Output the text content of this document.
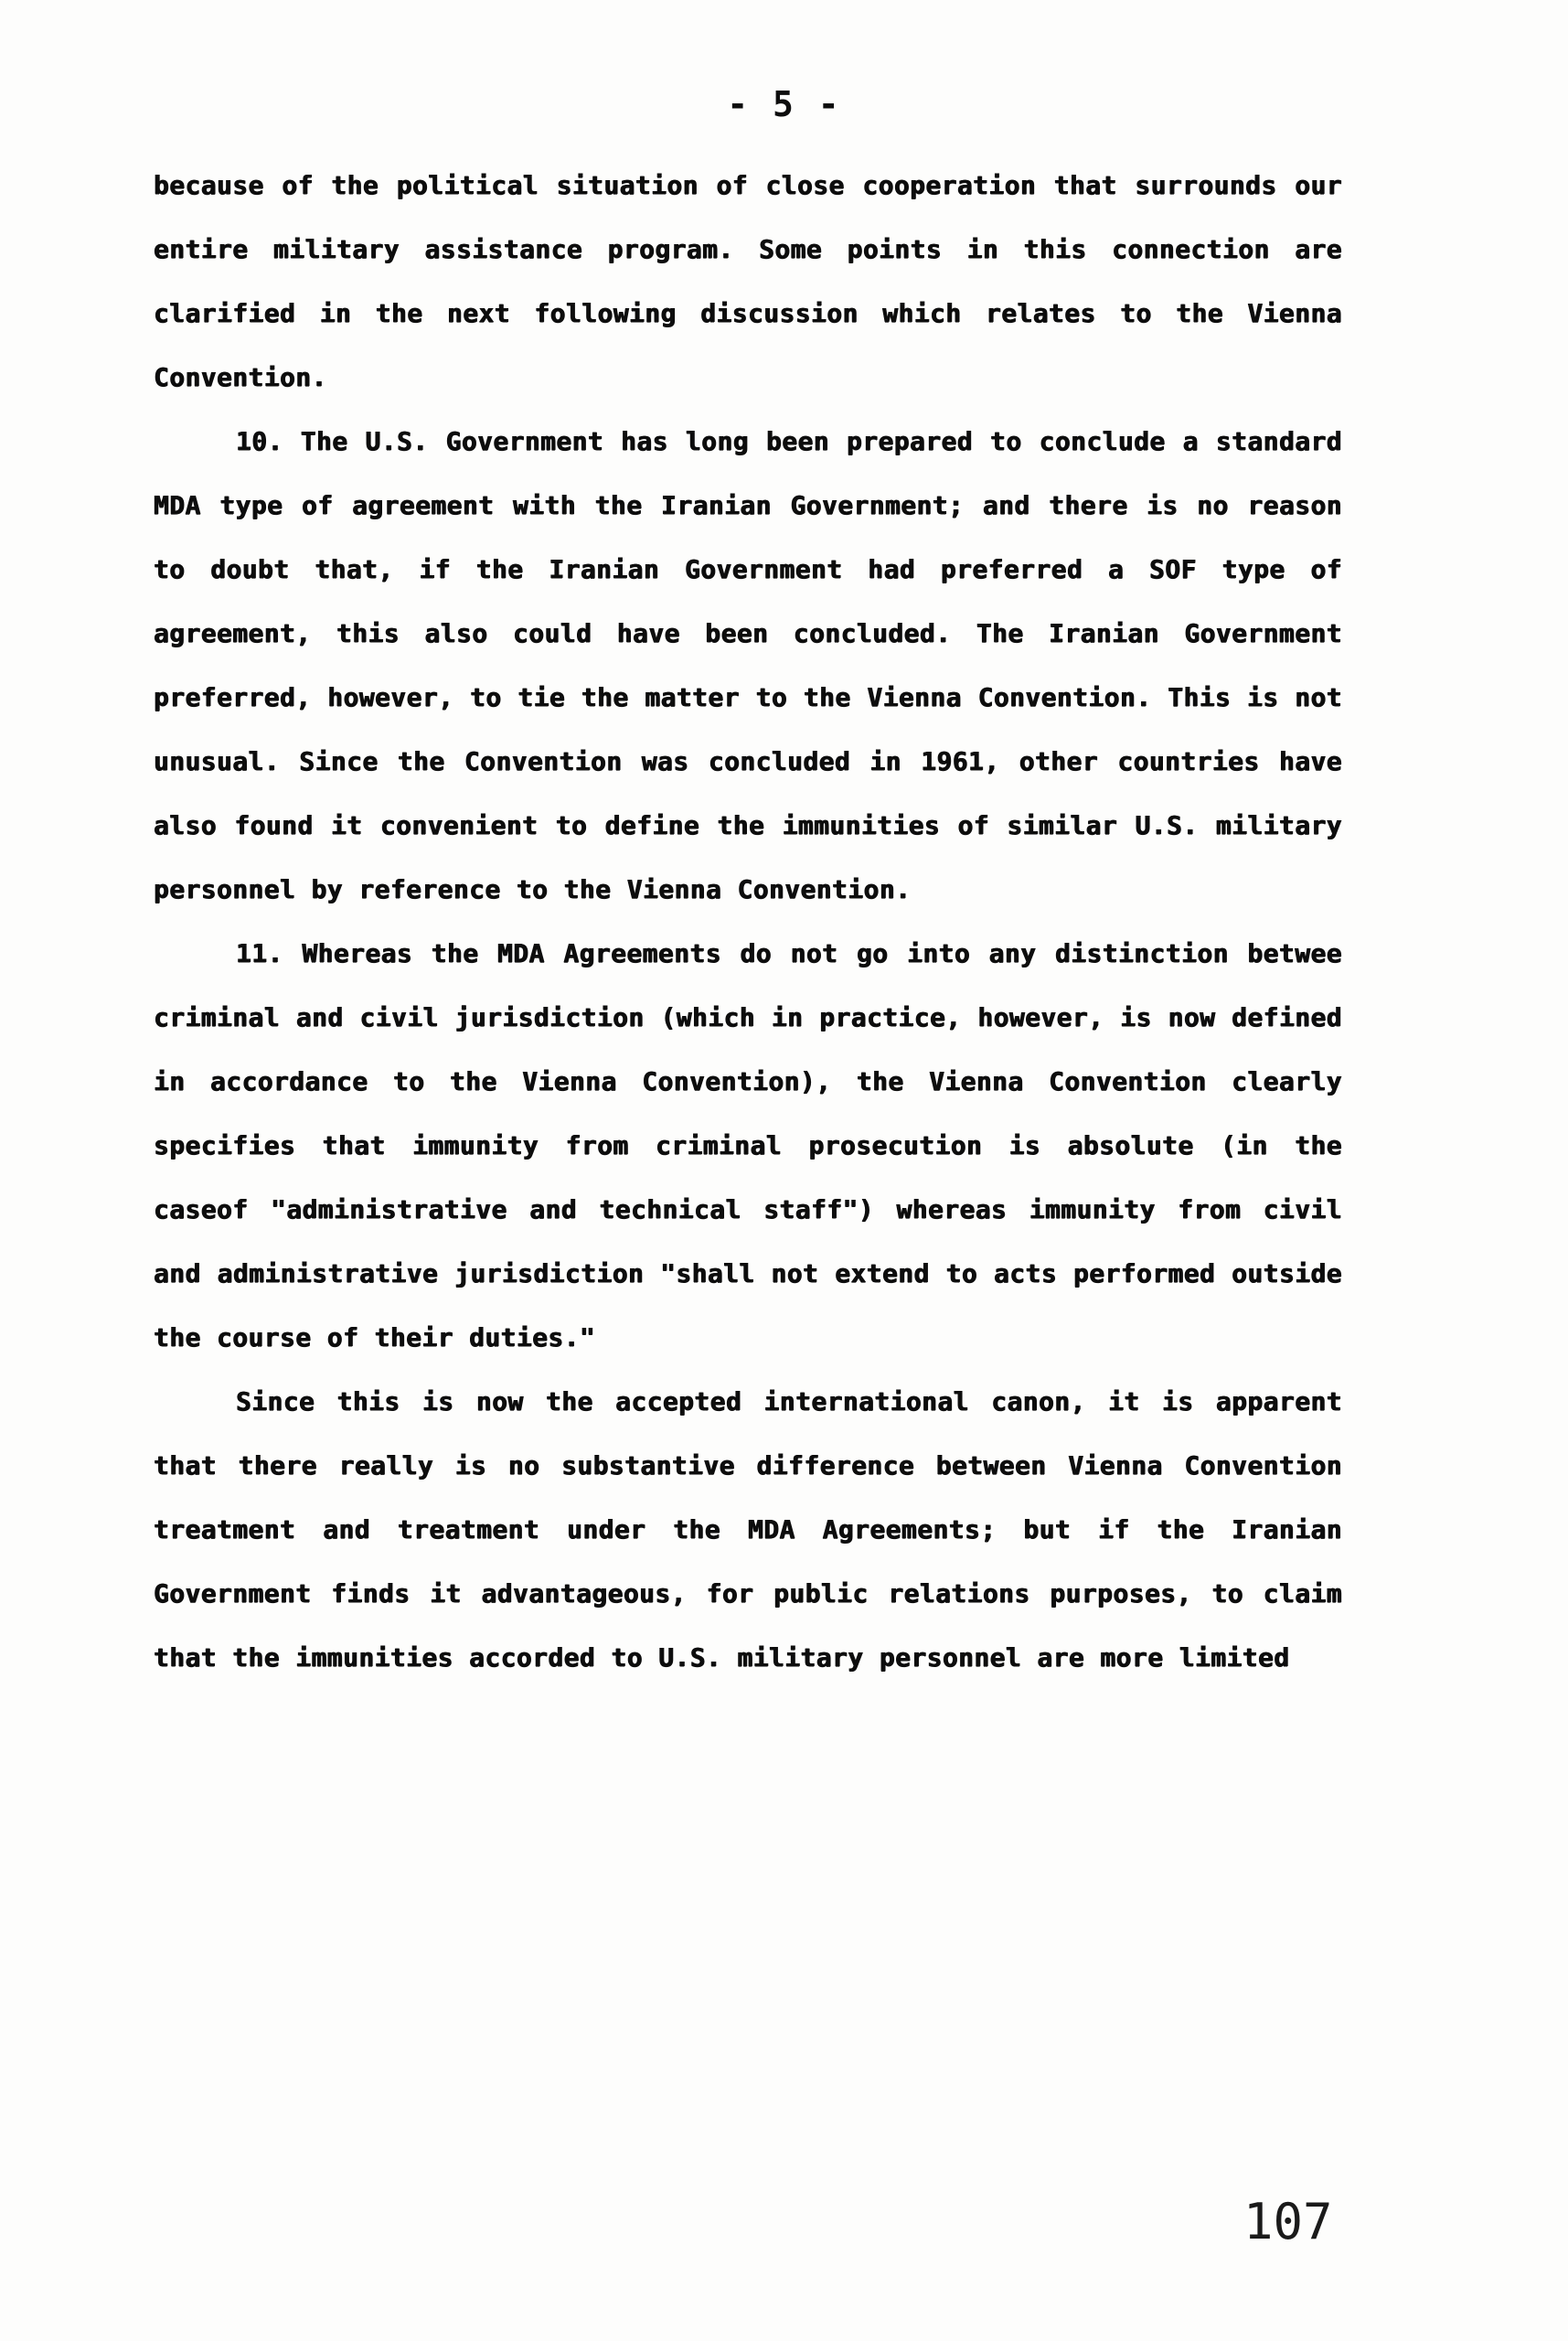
- 5 -

because of the political situation of close cooperation that surrounds our entire military assistance program. Some points in this connection are clarified in the next following discussion which relates to the Vienna Convention.

10. The U.S. Government has long been prepared to conclude a standard MDA type of agreement with the Iranian Government; and there is no reason to doubt that, if the Iranian Government had preferred a SOF type of agreement, this also could have been concluded. The Iranian Government preferred, however, to tie the matter to the Vienna Convention. This is not unusual. Since the Convention was concluded in 1961, other countries have also found it convenient to define the immunities of similar U.S. military personnel by reference to the Vienna Convention.

11. Whereas the MDA Agreements do not go into any distinction betwee criminal and civil jurisdiction (which in practice, however, is now defined in accordance to the Vienna Convention), the Vienna Convention clearly specifies that immunity from criminal prosecution is absolute (in the caseof "administrative and technical staff") whereas immunity from civil and administrative jurisdiction "shall not extend to acts performed outside the course of their duties."

Since this is now the accepted international canon, it is apparent that there really is no substantive difference between Vienna Convention treatment and treatment under the MDA Agreements; but if the Iranian Government finds it advantageous, for public relations purposes, to claim that the immunities accorded to U.S. military personnel are more limited

107
